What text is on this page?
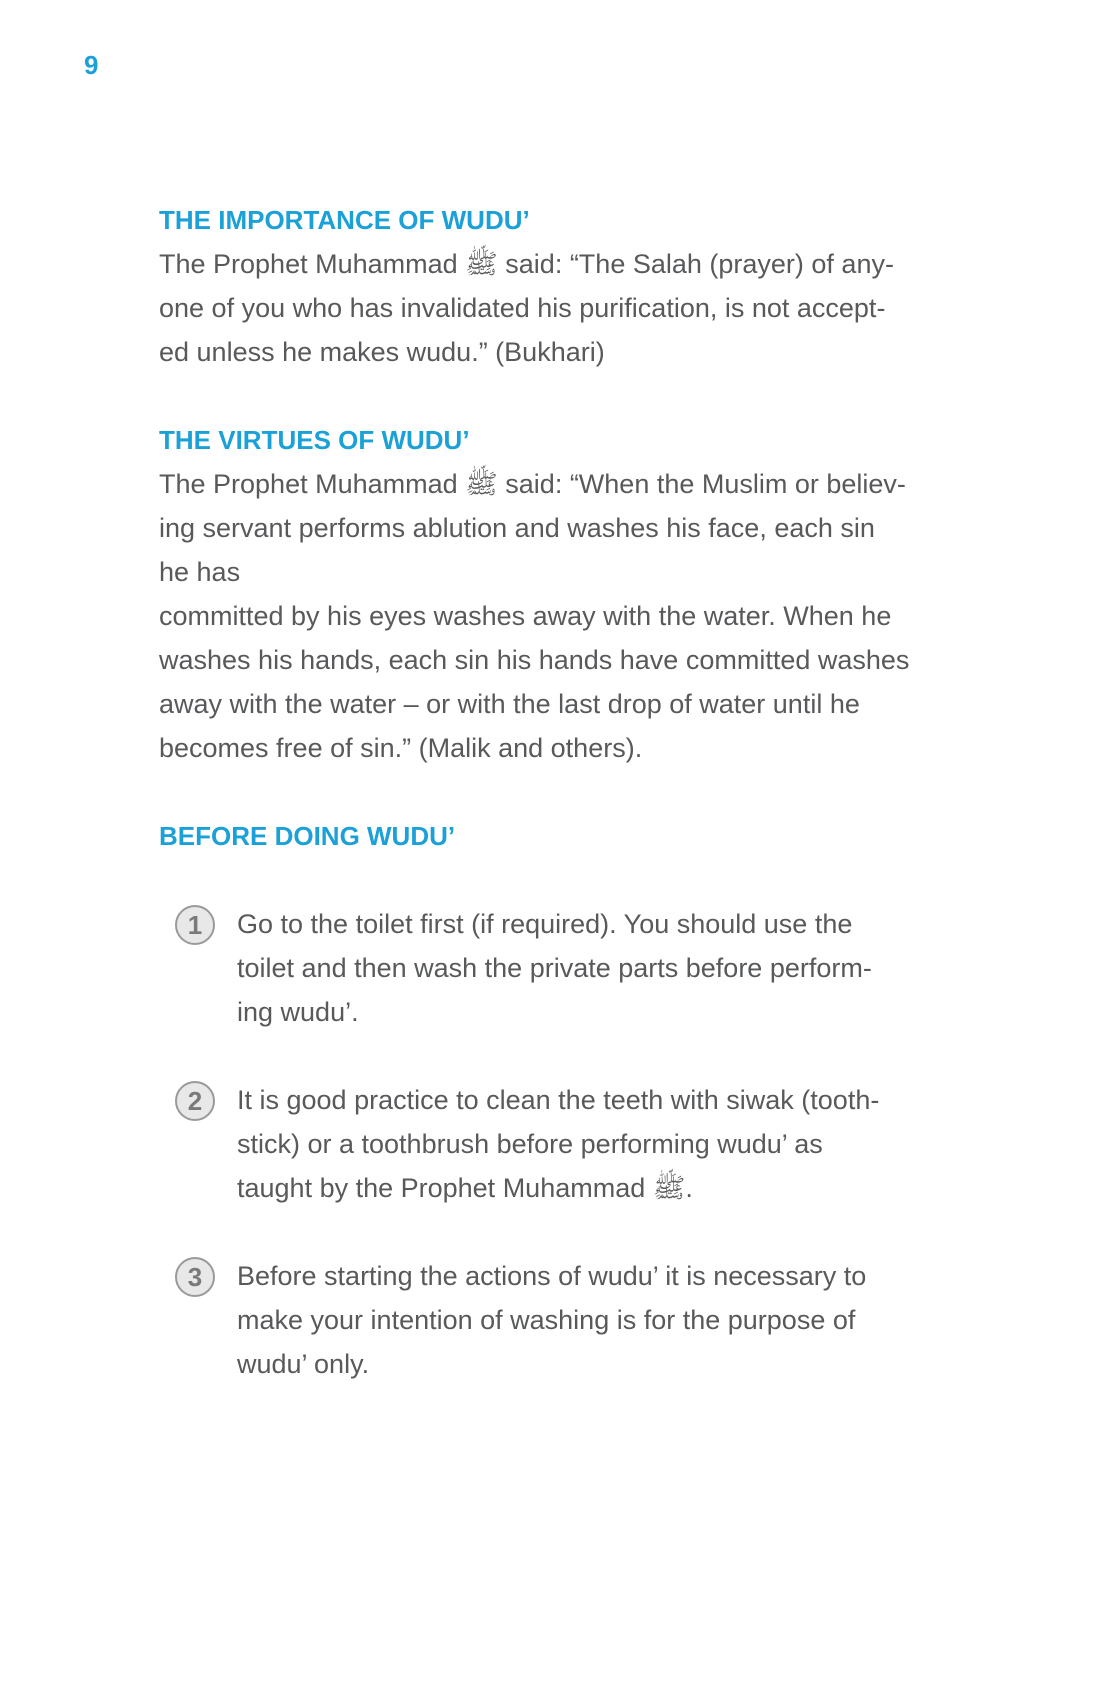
9
THE IMPORTANCE OF WUDU’

The Prophet Muhammad ﷺ said: “The Salah (prayer) of any-
one of you who has invalidated his purification, is not accept-
ed unless he makes wudu.” (Bukhari)

THE VIRTUES OF WUDU’

The Prophet Muhammad ﷺ said: “When the Muslim or believ-
ing servant performs ablution and washes his face, each sin
he has
committed by his eyes washes away with the water. When he
washes his hands, each sin his hands have committed washes
away with the water – or with the last drop of water until he
becomes free of sin.” (Malik and others).

BEFORE DOING WUDU’
1	Go to the toilet first (if required). You should use the
toilet and then wash the private parts before perform-
ing wudu’.
2	It is good practice to clean the teeth with siwak (tooth-
stick) or a toothbrush before performing wudu’ as
taught by the Prophet Muhammad ﷺ.
3	Before starting the actions of wudu’ it is necessary to
make your intention of washing is for the purpose of
wudu’ only.
